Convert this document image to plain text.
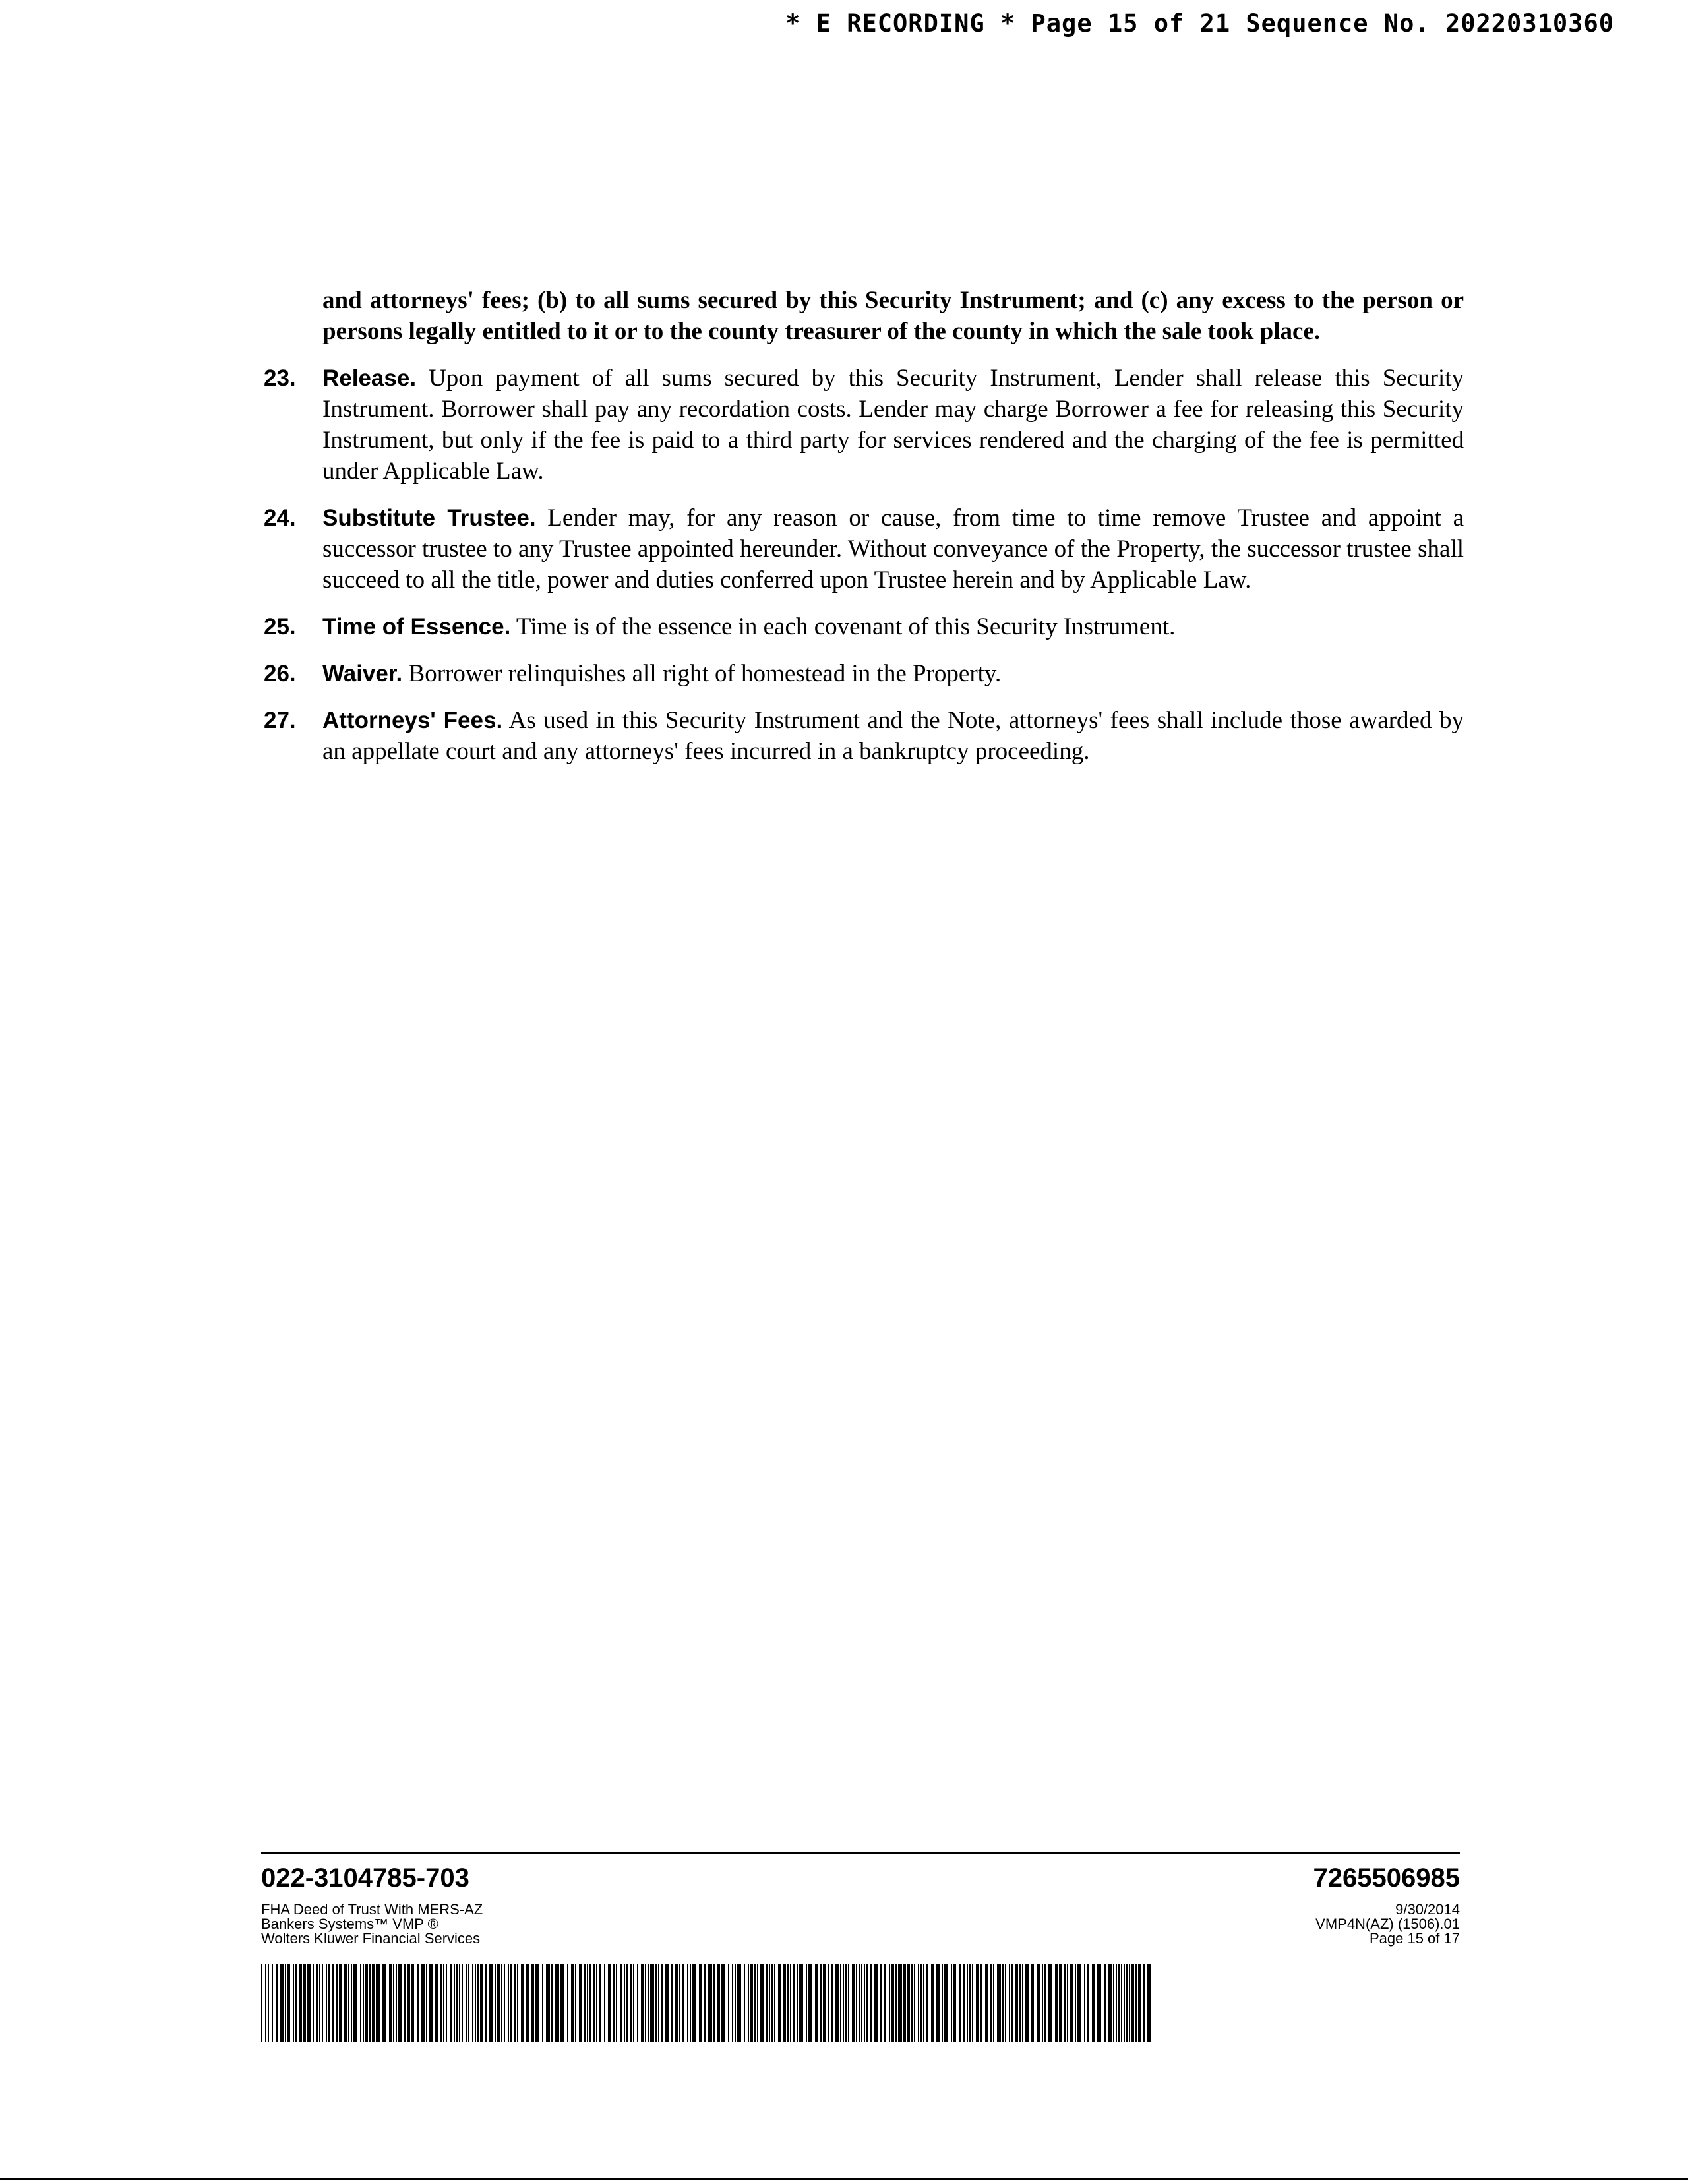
* E RECORDING * Page 15 of 21 Sequence No. 20220310360
and attorneys' fees; (b) to all sums secured by this Security Instrument; and (c) any excess to the person or persons legally entitled to it or to the county treasurer of the county in which the sale took place.
23.	Release. Upon payment of all sums secured by this Security Instrument, Lender shall release this Security Instrument. Borrower shall pay any recordation costs. Lender may charge Borrower a fee for releasing this Security Instrument, but only if the fee is paid to a third party for services rendered and the charging of the fee is permitted under Applicable Law.
24.	Substitute Trustee. Lender may, for any reason or cause, from time to time remove Trustee and appoint a successor trustee to any Trustee appointed hereunder. Without conveyance of the Property, the successor trustee shall succeed to all the title, power and duties conferred upon Trustee herein and by Applicable Law.
25.	Time of Essence. Time is of the essence in each covenant of this Security Instrument.
26.	Waiver. Borrower relinquishes all right of homestead in the Property.
27.	Attorneys' Fees. As used in this Security Instrument and the Note, attorneys' fees shall include those awarded by an appellate court and any attorneys' fees incurred in a bankruptcy proceeding.
022-3104785-703	7265506985
FHA Deed of Trust With MERS-AZ
Bankers Systems™ VMP ®
Wolters Kluwer Financial Services
9/30/2014
VMP4N(AZ) (1506).01
Page 15 of 17
